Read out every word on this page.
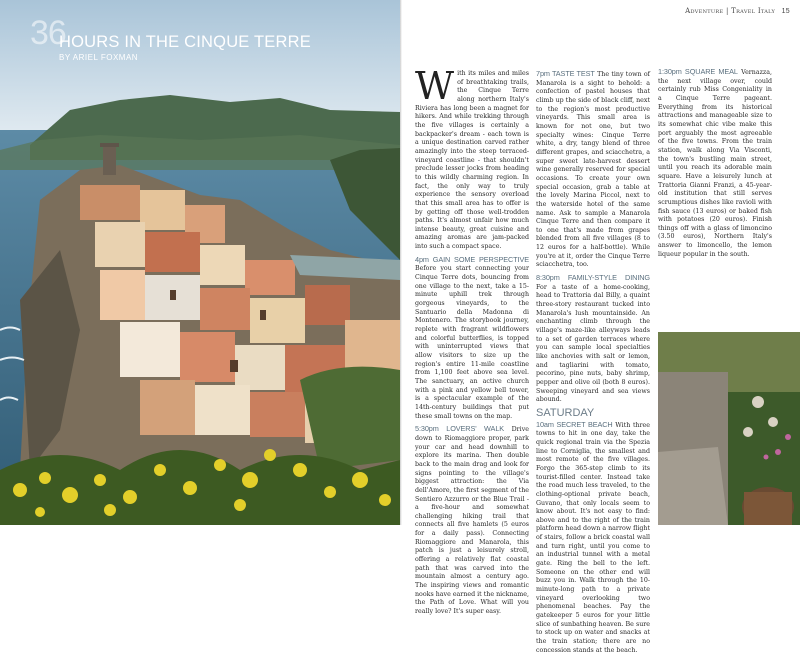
36
HOURS IN THE CINQUE TERRE
BY ARIEL FOXMAN
Adventure | Travel Italy 15
W ith its miles and miles of breathtaking trails, the Cinque Terre along northern Italy's Riviera has long been a magnet for hikers. And while trekking through the five villages is certainly a backpacker's dream - each town is a unique destination carved rather amazingly into the steep terraced-vineyard coastline - that shouldn't preclude lesser jocks from heading to this wildly charming region. In fact, the only way to truly experience the sensory overload that this small area has to offer is by getting off those well-trodden paths. It's almost unfair how much intense beauty, great cuisine and amazing aromas are jam-packed into such a compact space.

4pm GAIN SOME PERSPECTIVE Before you start connecting your Cinque Terre dots, bouncing from one village to the next, take a 15-minute uphill trek through gorgeous vineyards, to the Santuario della Madonna di Montenero. The storybook journey, replete with fragrant wildflowers and colorful butterflies, is topped with uninterrupted views that allow visitors to size up the region's entire 11-mile coastline from 1,100 feet above sea level. The sanctuary, an active church with a pink and yellow bell tower, is a spectacular example of the 14th-century buildings that put these small towns on the map.

5:30pm LOVERS' WALK Drive down to Riomaggiore proper, park your car and head downhill to explore its marina. Then double back to the main drag and look for signs pointing to the village's biggest attraction: the Via dell'Amore, the first segment of the Sentiero Azzurro or the Blue Trail - a five-hour and somewhat challenging hiking trail that connects all five hamlets (5 euros for a daily pass). Connecting Riomaggiore and Manarola, this patch is just a leisurely stroll, offering a relatively flat coastal path that was carved into the mountain almost a century ago. The inspiring views and romantic nooks have earned it the nickname, the Path of Love. What will you really love? It's super easy.

7pm TASTE TEST The tiny town of Manarola is a sight to behold: a confection of pastel houses that climb up the side of black cliff, next to the region's most productive vineyards. This small area is known for not one, but two specialty wines: Cinque Terre white, a dry, tangy blend of three different grapes, and sciacchetra, a super sweet late-harvest dessert wine generally reserved for special occasions. To create your own special occasion, grab a table at the lovely Marina Piccol, next to the waterside hotel of the same name. Ask to sample a Manarola Cinque Terre and then compare it to one that's made from grapes blended from all five villages (8 to 12 euros for a half-bottle). While you're at it, order the Cinque Terre sciacchetra, too.

8:30pm FAMILY-STYLE DINING For a taste of a home-cooking, head to Trattoria dal Billy, a quaint three-story restaurant tucked into Manarola's lush mountainside. An enchanting climb through the village's maze-like alleyways leads to a set of garden terraces where you can sample local specialties like anchovies with salt or lemon, and tagliarini with tomato, pecorino, pine nuts, baby shrimp, pepper and olive oil (both 8 euros). Sweeping vineyard and sea views abound.

SATURDAY

10am SECRET BEACH With three towns to hit in one day, take the quick regional train via the Spezia line to Corniglia, the smallest and most remote of the five villages. Forgo the 365-step climb to its tourist-filled center. Instead take the road much less traveled, to the clothing-optional private beach, Guvano, that only locals seem to know about. It's not easy to find: above and to the right of the train platform head down a narrow flight of stairs, follow a brick coastal wall and turn right, until you come to an industrial tunnel with a metal gate. Ring the bell to the left. Someone on the other end will buzz you in. Walk through the 10-minute-long path to a private vineyard overlooking two phenomenal beaches. Pay the gatekeeper 5 euros for your little slice of sunbathing heaven. Be sure to stock up on water and snacks at the train station; there are no concession stands at the beach.

1:30pm SQUARE MEAL Vernazza, the next village over, could certainly rub Miss Congeniality in a Cinque Terre pageant. Everything from its historical attractions and manageable size to its somewhat chic vibe make this port arguably the most agreeable of the five towns. From the train station, walk along Via Visconti, the town's bustling main street, until you reach its adorable main square. Have a leisurely lunch at Trattoria Gianni Franzi, a 45-year-old institution that still serves scrumptious dishes like ravioli with fish sauce (13 euros) or baked fish with potatoes (20 euros). Finish things off with a glass of limoncino (3.50 euros), Northern Italy's answer to limoncello, the lemon liqueur popular in the south.
